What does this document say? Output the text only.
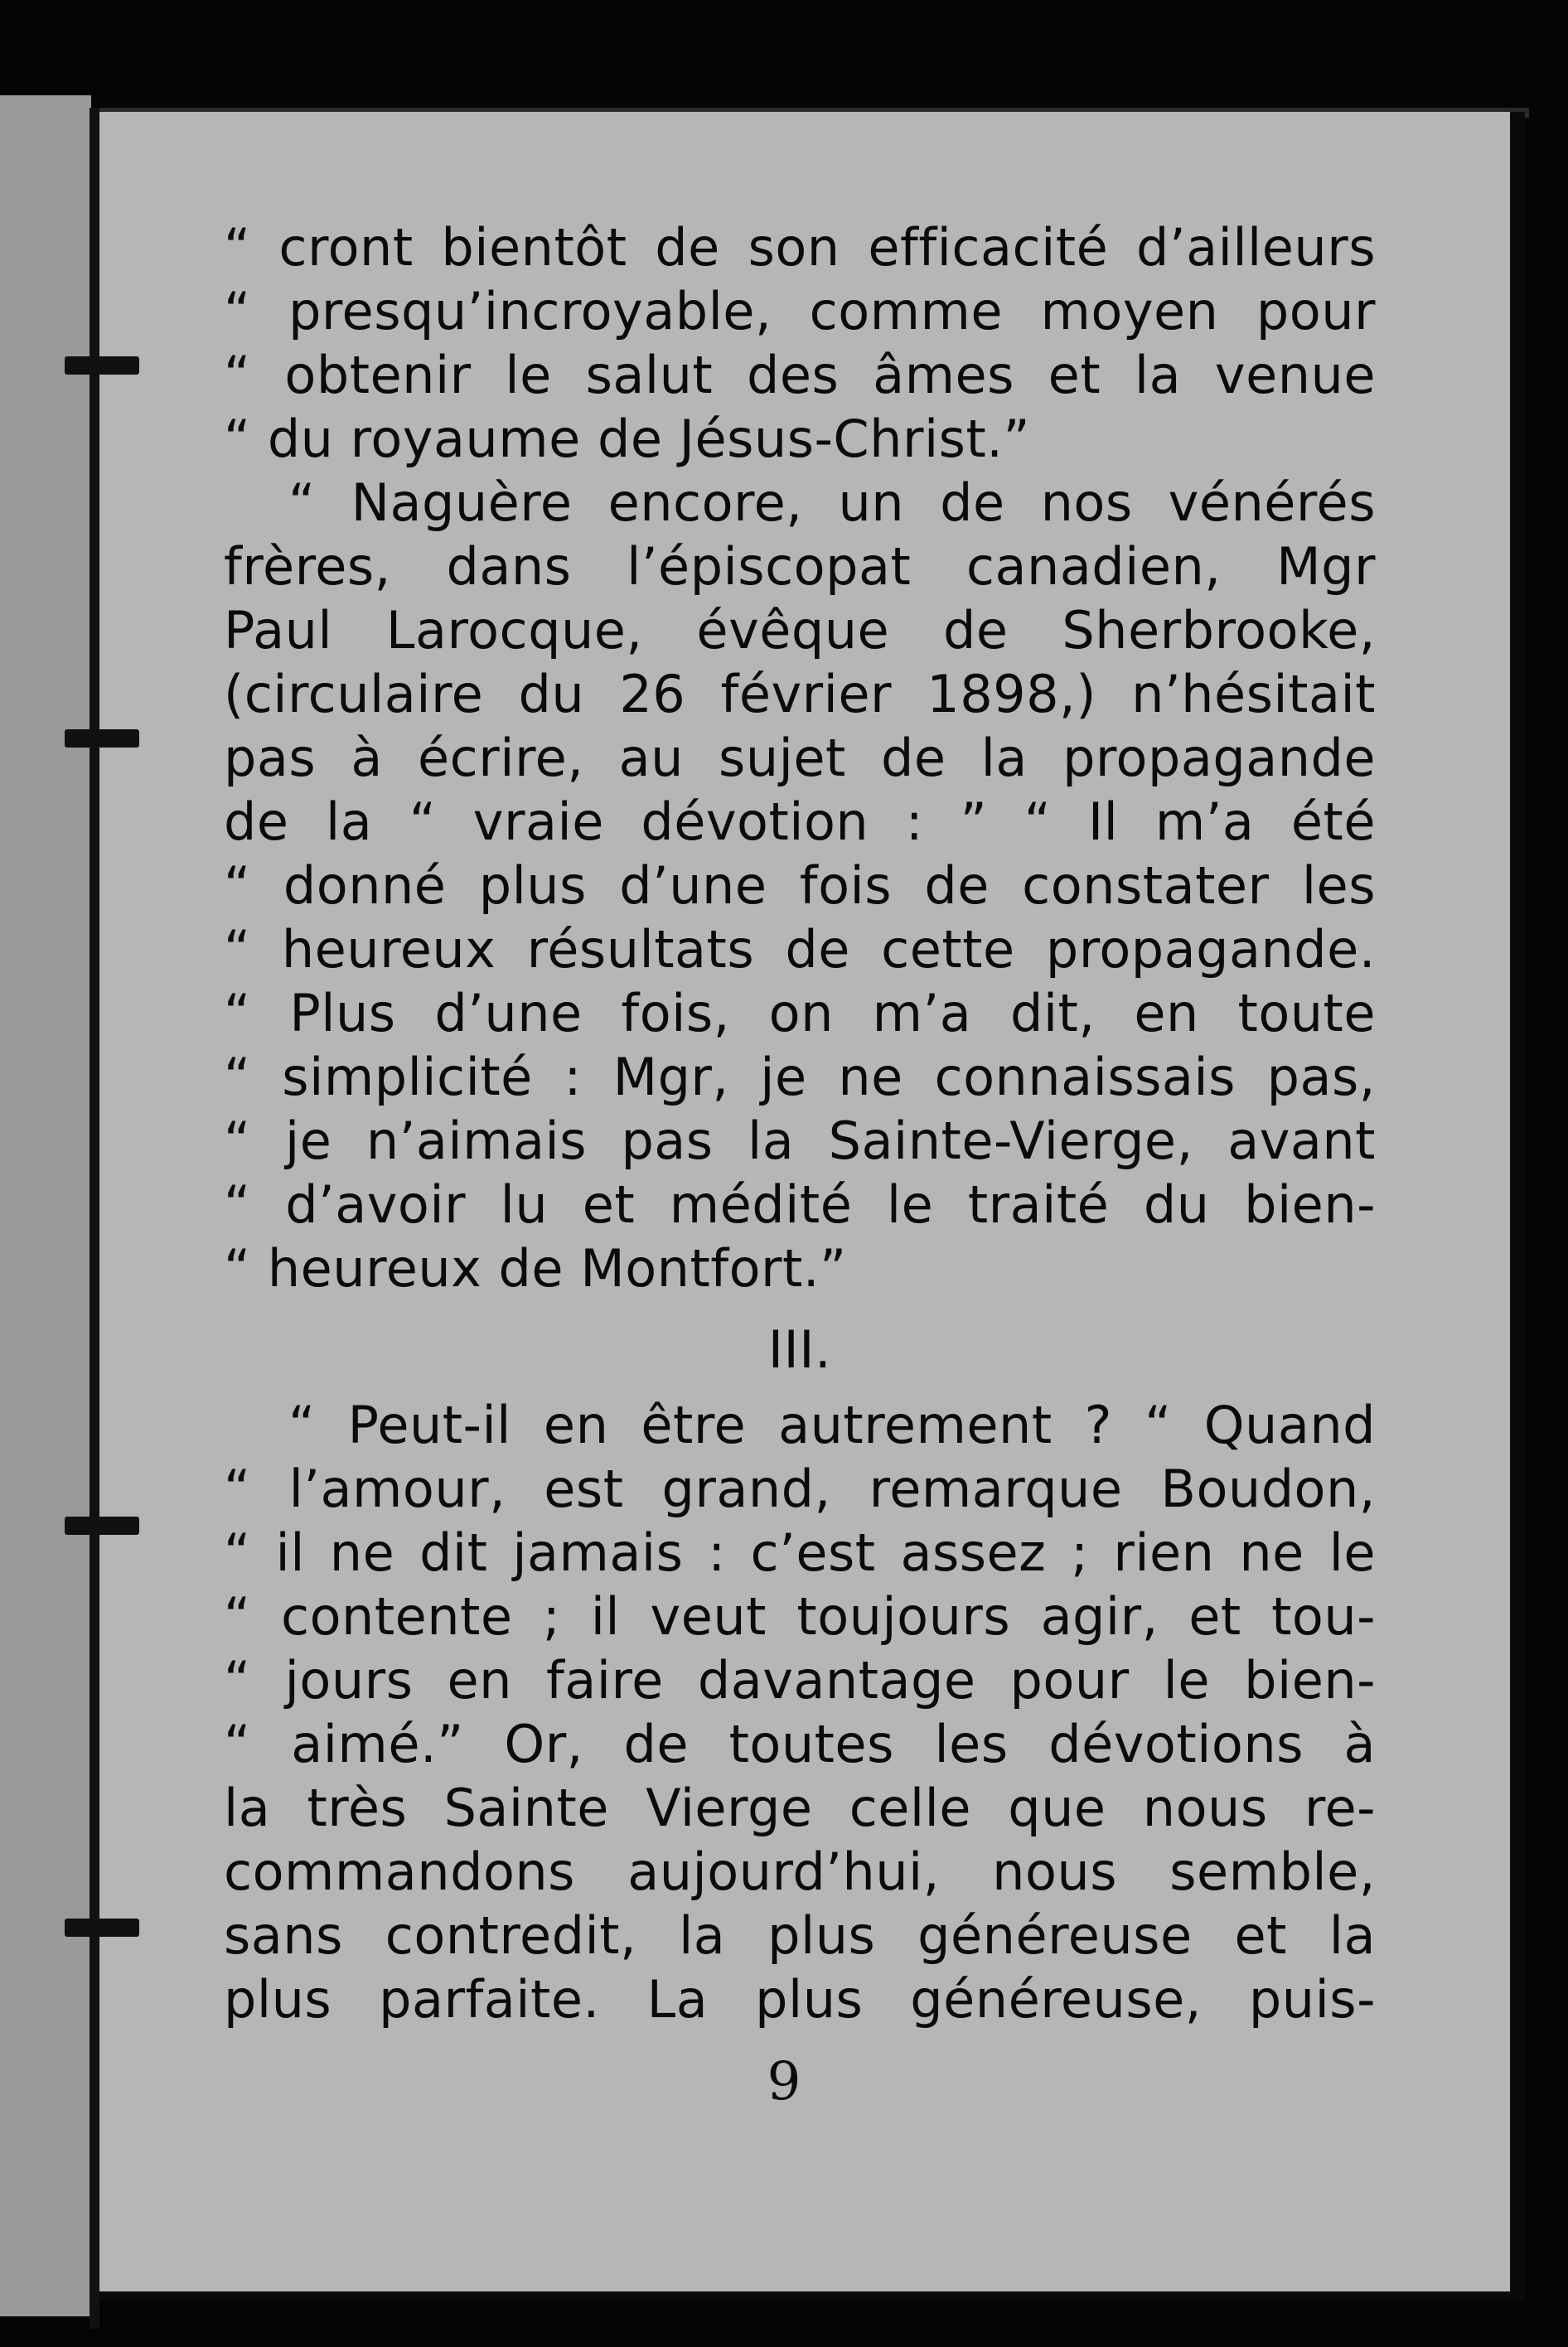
“ cront bientôt de son efficacité d’ailleurs
“ presqu’incroyable, comme moyen pour
“ obtenir le salut des âmes et la venue
“ du royaume de Jésus-Christ.”
“ Naguère encore, un de nos vénérés
frères, dans l’épiscopat canadien, Mgr
Paul Larocque, évêque de Sherbrooke,
(circulaire du 26 février 1898,) n’hésitait
pas à écrire, au sujet de la propagande
de la “ vraie dévotion : ” “ Il m’a été
“ donné plus d’une fois de constater les
“ heureux résultats de cette propagande.
“ Plus d’une fois, on m’a dit, en toute
“ simplicité : Mgr, je ne connaissais pas,
“ je n’aimais pas la Sainte-Vierge, avant
“ d’avoir lu et médité le traité du bien-
“ heureux de Montfort.”
III.
“ Peut-il en être autrement ? “ Quand
“ l’amour, est grand, remarque Boudon,
“ il ne dit jamais : c’est assez ; rien ne le
“ contente ; il veut toujours agir, et tou-
“ jours en faire davantage pour le bien-
“ aimé.” Or, de toutes les dévotions à
la très Sainte Vierge celle que nous re-
commandons aujourd’hui, nous semble,
sans contredit, la plus généreuse et la
plus parfaite. La plus généreuse, puis-
9
